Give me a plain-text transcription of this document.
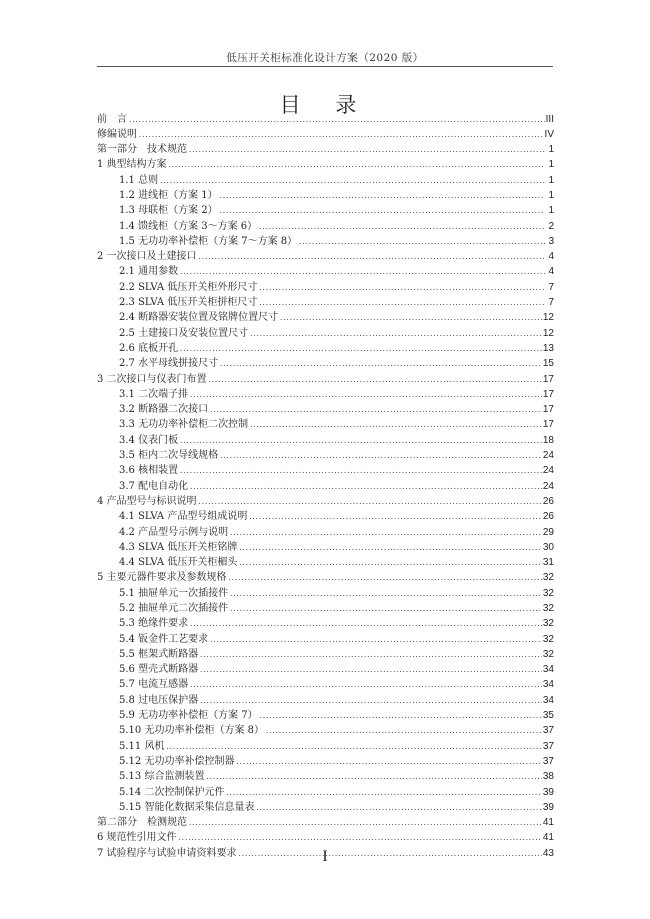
低压开关柜标准化设计方案（2020 版）
目 录
前　言 .....	III
修编说明 .....	IV
第一部分　技术规范 .....	1
1 典型结构方案 .....	1
1.1 总则 .....	1
1.2 进线柜（方案 1） .....	1
1.3 母联柜（方案 2） .....	1
1.4 馈线柜（方案 3～方案 6） .....	2
1.5 无功功率补偿柜（方案 7～方案 8） .....	3
2 一次接口及土建接口 .....	4
2.1 通用参数 .....	4
2.2 SLVA 低压开关柜外形尺寸 .....	7
2.3 SLVA 低压开关柜拼柜尺寸 .....	7
2.4 断路器安装位置及铭牌位置尺寸 .....	12
2.5 土建接口及安装位置尺寸 .....	12
2.6 底板开孔 .....	13
2.7 水平母线拼接尺寸 .....	15
3 二次接口与仪表门布置 .....	17
3.1 二次端子排 .....	17
3.2 断路器二次接口 .....	17
3.3 无功功率补偿柜二次控制 .....	17
3.4 仪表门板 .....	18
3.5 柜内二次导线规格 .....	24
3.6 核相装置 .....	24
3.7 配电自动化 .....	24
4 产品型号与标识说明 .....	26
4.1 SLVA 产品型号组成说明 .....	26
4.2 产品型号示例与说明 .....	29
4.3 SLVA 低压开关柜铭牌 .....	30
4.4 SLVA 低压开关柜楣头 .....	31
5 主要元器件要求及参数规格 .....	32
5.1 抽屉单元一次插接件 .....	32
5.2 抽屉单元二次插接件 .....	32
5.3 绝缘件要求 .....	32
5.4 钣金件工艺要求 .....	32
5.5 框架式断路器 .....	32
5.6 塑壳式断路器 .....	34
5.7 电流互感器 .....	34
5.8 过电压保护器 .....	34
5.9 无功功率补偿柜（方案 7） .....	35
5.10 无功功率补偿柜（方案 8） .....	37
5.11 风机 .....	37
5.12 无功功率补偿控制器 .....	37
5.13 综合监测装置 .....	38
5.14 二次控制保护元件 .....	39
5.15 智能化数据采集信息量表 .....	39
第二部分　检测规范 .....	41
6 规范性引用文件 .....	41
7 试验程序与试验申请资料要求 .....	43
I
